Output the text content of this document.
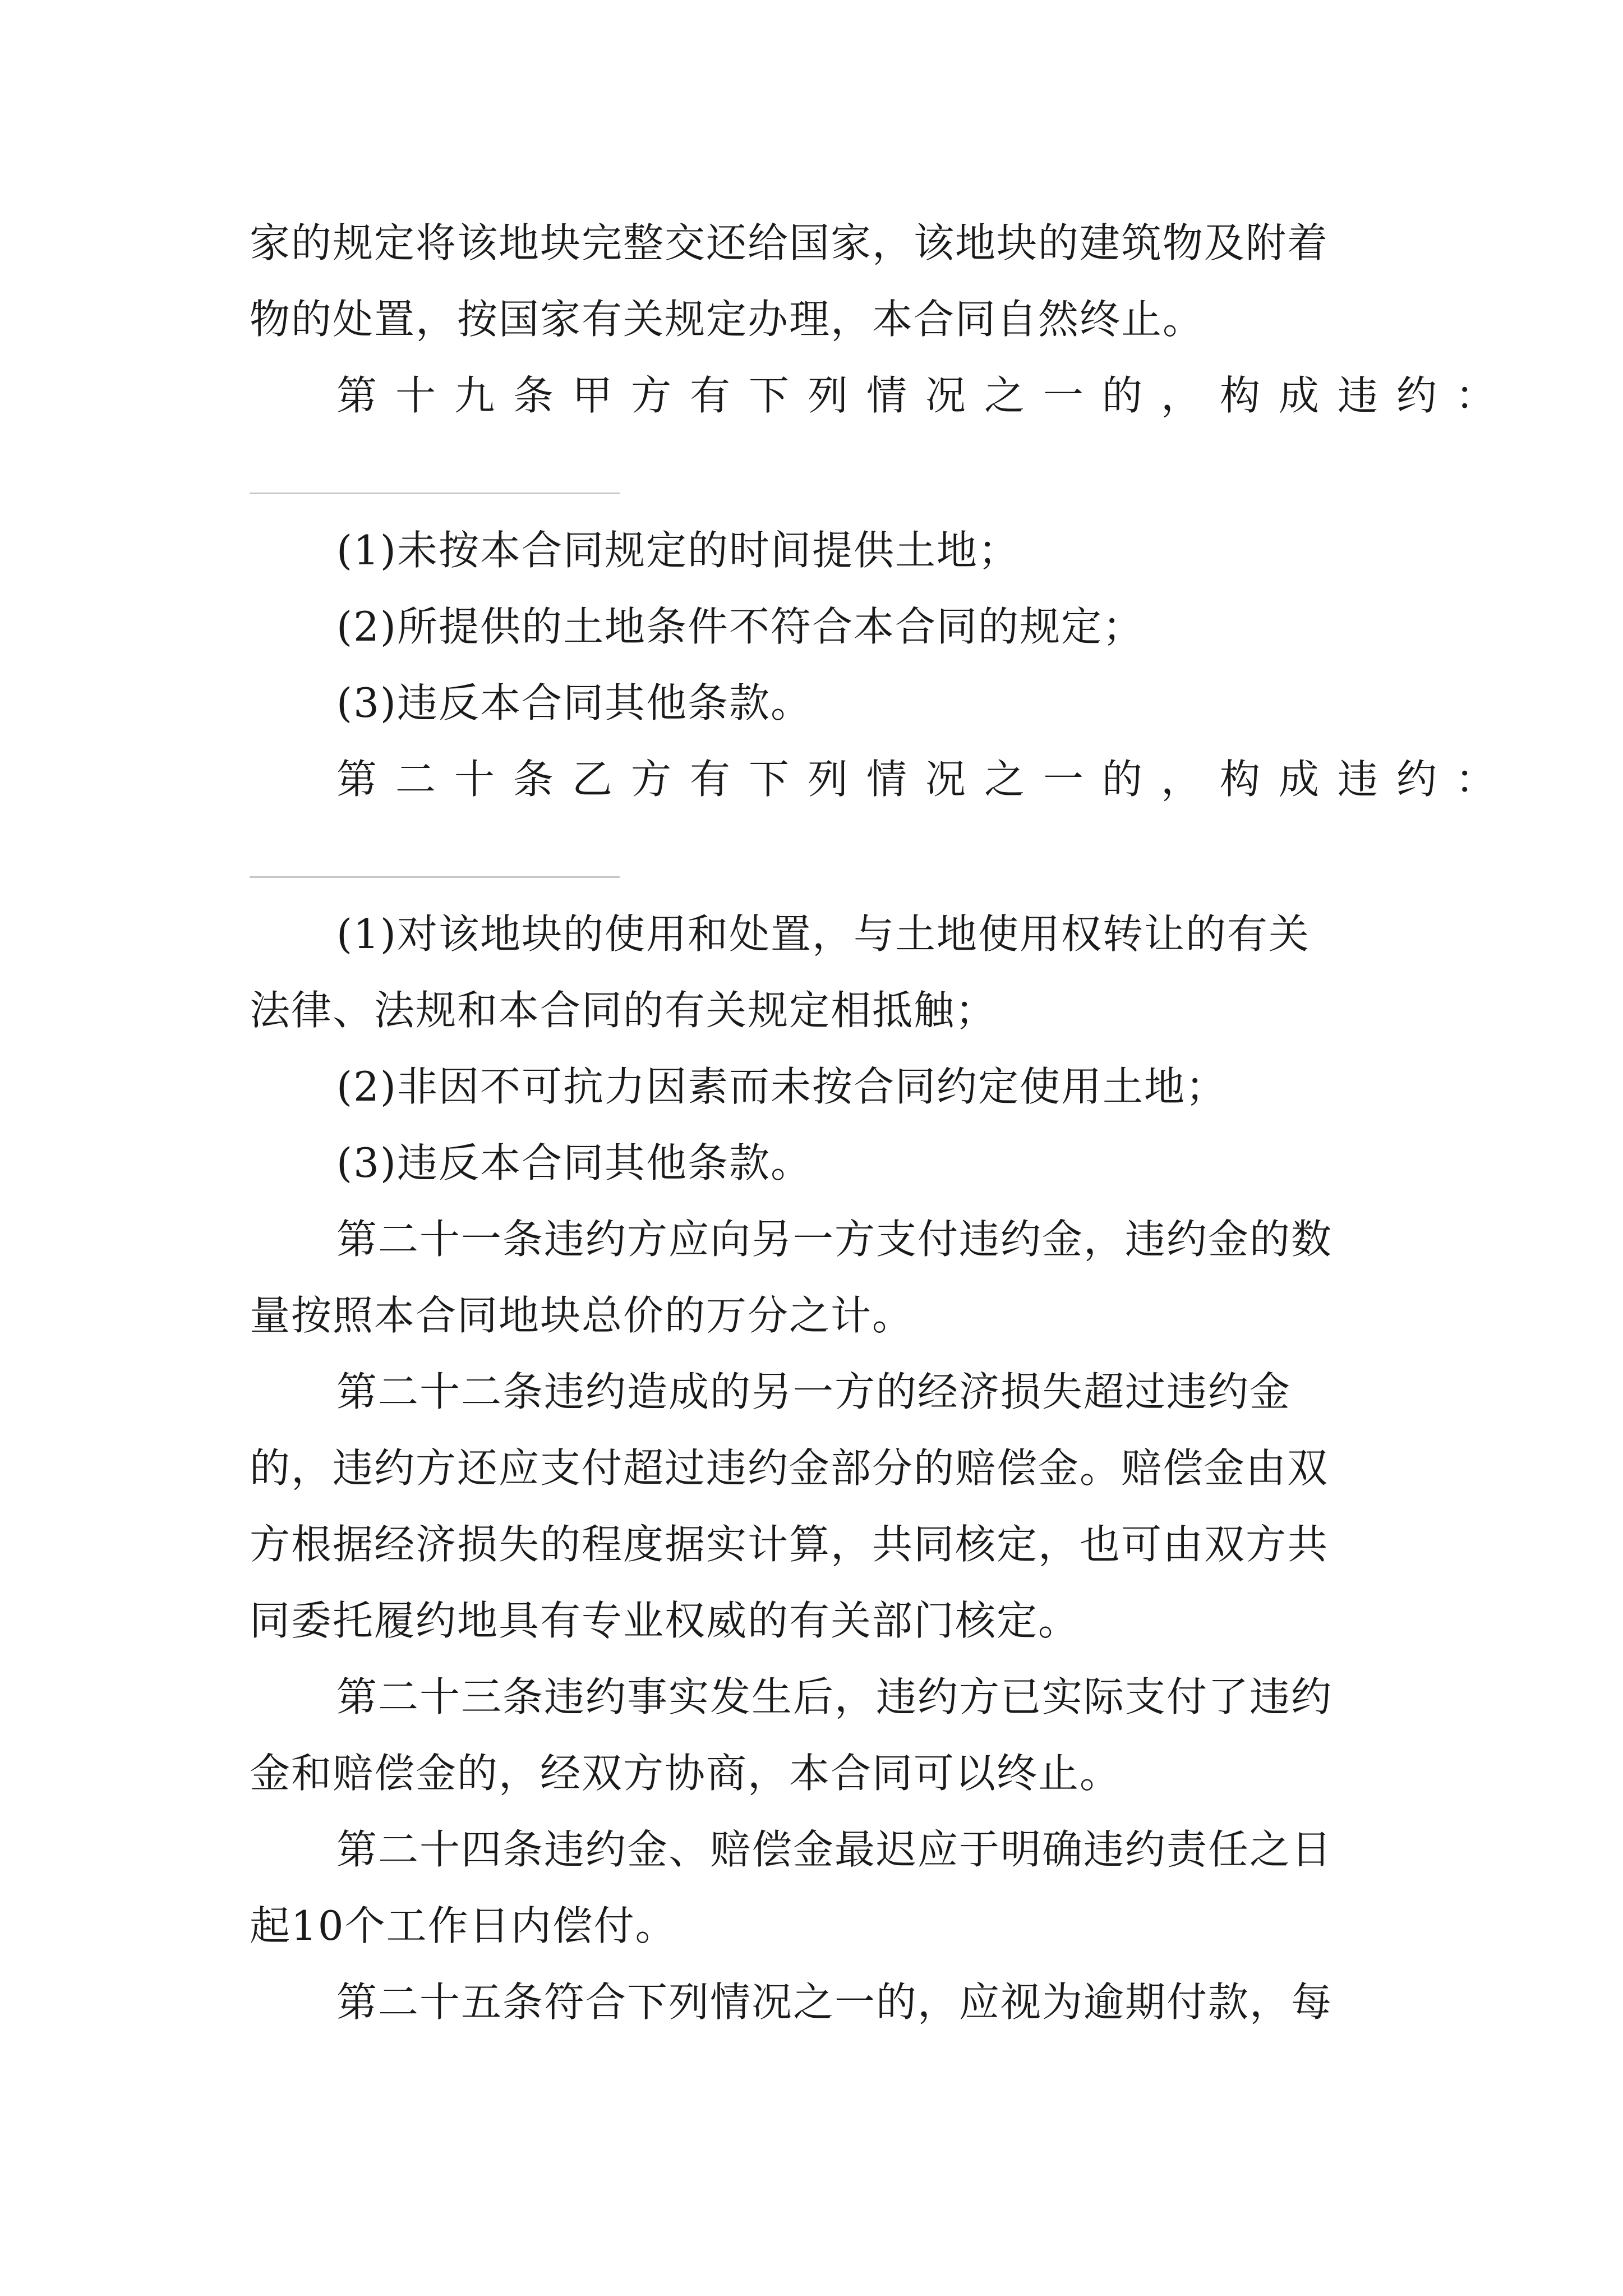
家的规定将该地块完整交还给国家，该地块的建筑物及附着
物的处置，按国家有关规定办理，本合同自然终止。
第十九条甲方有下列情况之一的，构成违约：
(1)未按本合同规定的时间提供土地；
(2)所提供的土地条件不符合本合同的规定；
(3)违反本合同其他条款。
第二十条乙方有下列情况之一的，构成违约：
(1)对该地块的使用和处置，与土地使用权转让的有关
法律、法规和本合同的有关规定相抵触；
(2)非因不可抗力因素而未按合同约定使用土地；
(3)违反本合同其他条款。
第二十一条违约方应向另一方支付违约金，违约金的数
量按照本合同地块总价的万分之计。
第二十二条违约造成的另一方的经济损失超过违约金
的，违约方还应支付超过违约金部分的赔偿金。赔偿金由双
方根据经济损失的程度据实计算，共同核定，也可由双方共
同委托履约地具有专业权威的有关部门核定。
第二十三条违约事实发生后，违约方已实际支付了违约
金和赔偿金的，经双方协商，本合同可以终止。
第二十四条违约金、赔偿金最迟应于明确违约责任之日
起10个工作日内偿付。
第二十五条符合下列情况之一的，应视为逾期付款，每
